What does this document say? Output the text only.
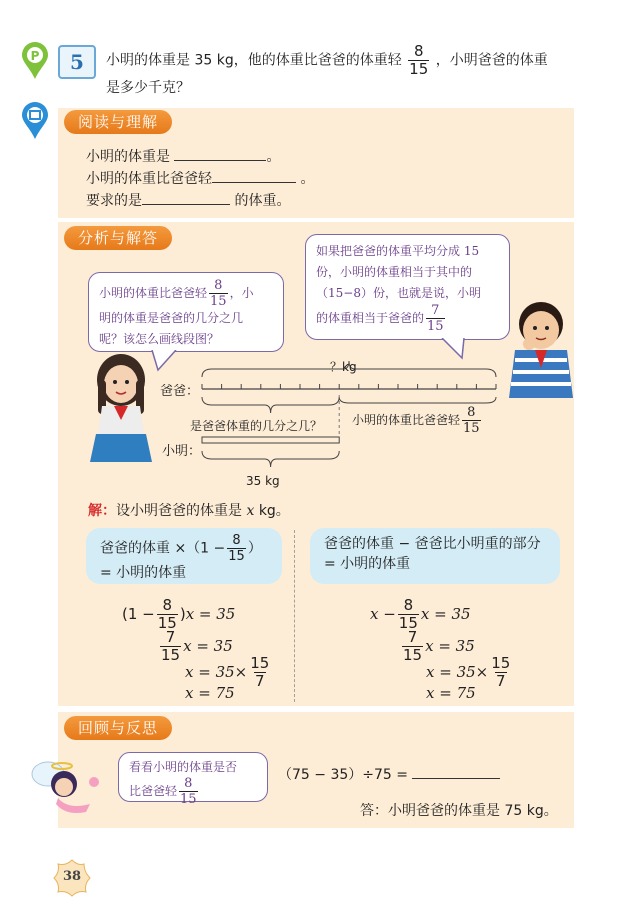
P	5	小明的体重是 35 kg，他的体重比爸爸的体重轻 $\frac{8}{15}$ ，小明爸爸的体重
是多少千克？
阅读与理解
小明的体重是	。
小明的体重比爸爸轻	。
要求的是	的体重。
分析与解答
小明的体重比爸爸轻 $\frac{8}{15}$ ，小
明的体重是爸爸的几分之几
呢？该怎么画线段图？
如果把爸爸的体重平均分成 15
份，小明的体重相当于其中的
（15−8）份，也就是说，小明
的体重相当于爸爸的 $\frac{7}{15}$
？kg
爸爸：
是爸爸体重的几分之几？ 小明的体重比爸爸轻 $\frac{8}{15}$
小明：
35 kg
解：设小明爸爸的体重是 x kg。
爸爸的体重 $\times(1 - \frac{8}{15}$ ）
= 小明的体重
爸爸的体重 − 爸爸比小明重的部分
= 小明的体重
$(1 - \frac{8}{15} )x = 35$
$\frac{7}{15}$ x = 35
$x = 35\times \frac{15}{7}$
x = 75
$x - \frac{8}{15}$ x = 35
$\frac{7}{15}$ x = 35
$x = 35\times \frac{15}{7}$
x = 75
回顾与反思
看看小明的体重是否
比爸爸轻 $\frac{8}{15}$
（75 − 35）÷75 =
答：小明爸爸的体重是 75 kg。
38
